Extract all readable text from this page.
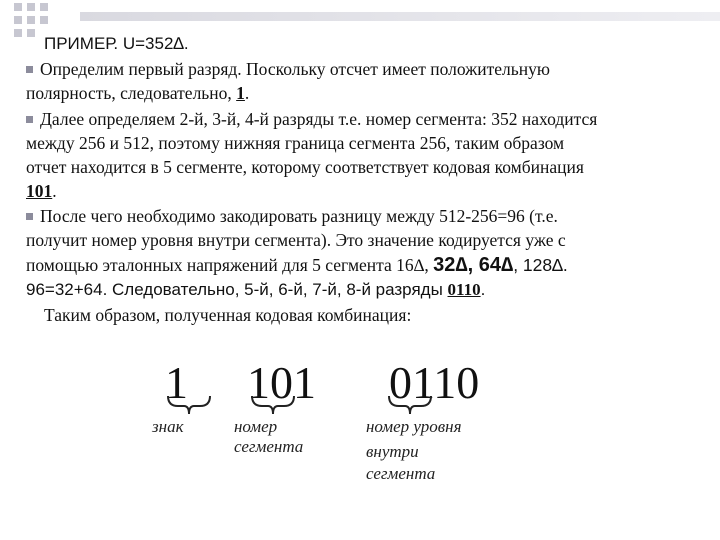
ПРИМЕР. U=352∆.
Определим первый разряд. Поскольку отсчет имеет положительную
полярность, следовательно, 1.
Далее определяем 2-й, 3-й, 4-й разряды т.е. номер сегмента: 352 находится
между 256 и 512, поэтому нижняя граница сегмента 256, таким образом
отчет находится в 5 сегменте, которому соответствует кодовая комбинация
101.
После чего необходимо закодировать разницу между 512-256=96 (т.е.
получит номер уровня внутри сегмента). Это значение кодируется уже с
помощью эталонных напряжений для 5 сегмента 16∆, 32∆, 64∆, 128∆.
96=32+64. Следовательно, 5-й, 6-й, 7-й, 8-й разряды 0110.
Таким образом, полученная кодовая комбинация:
1 101 0110
знак	номер
сегмента
номер уровня
внутри
сегмента
